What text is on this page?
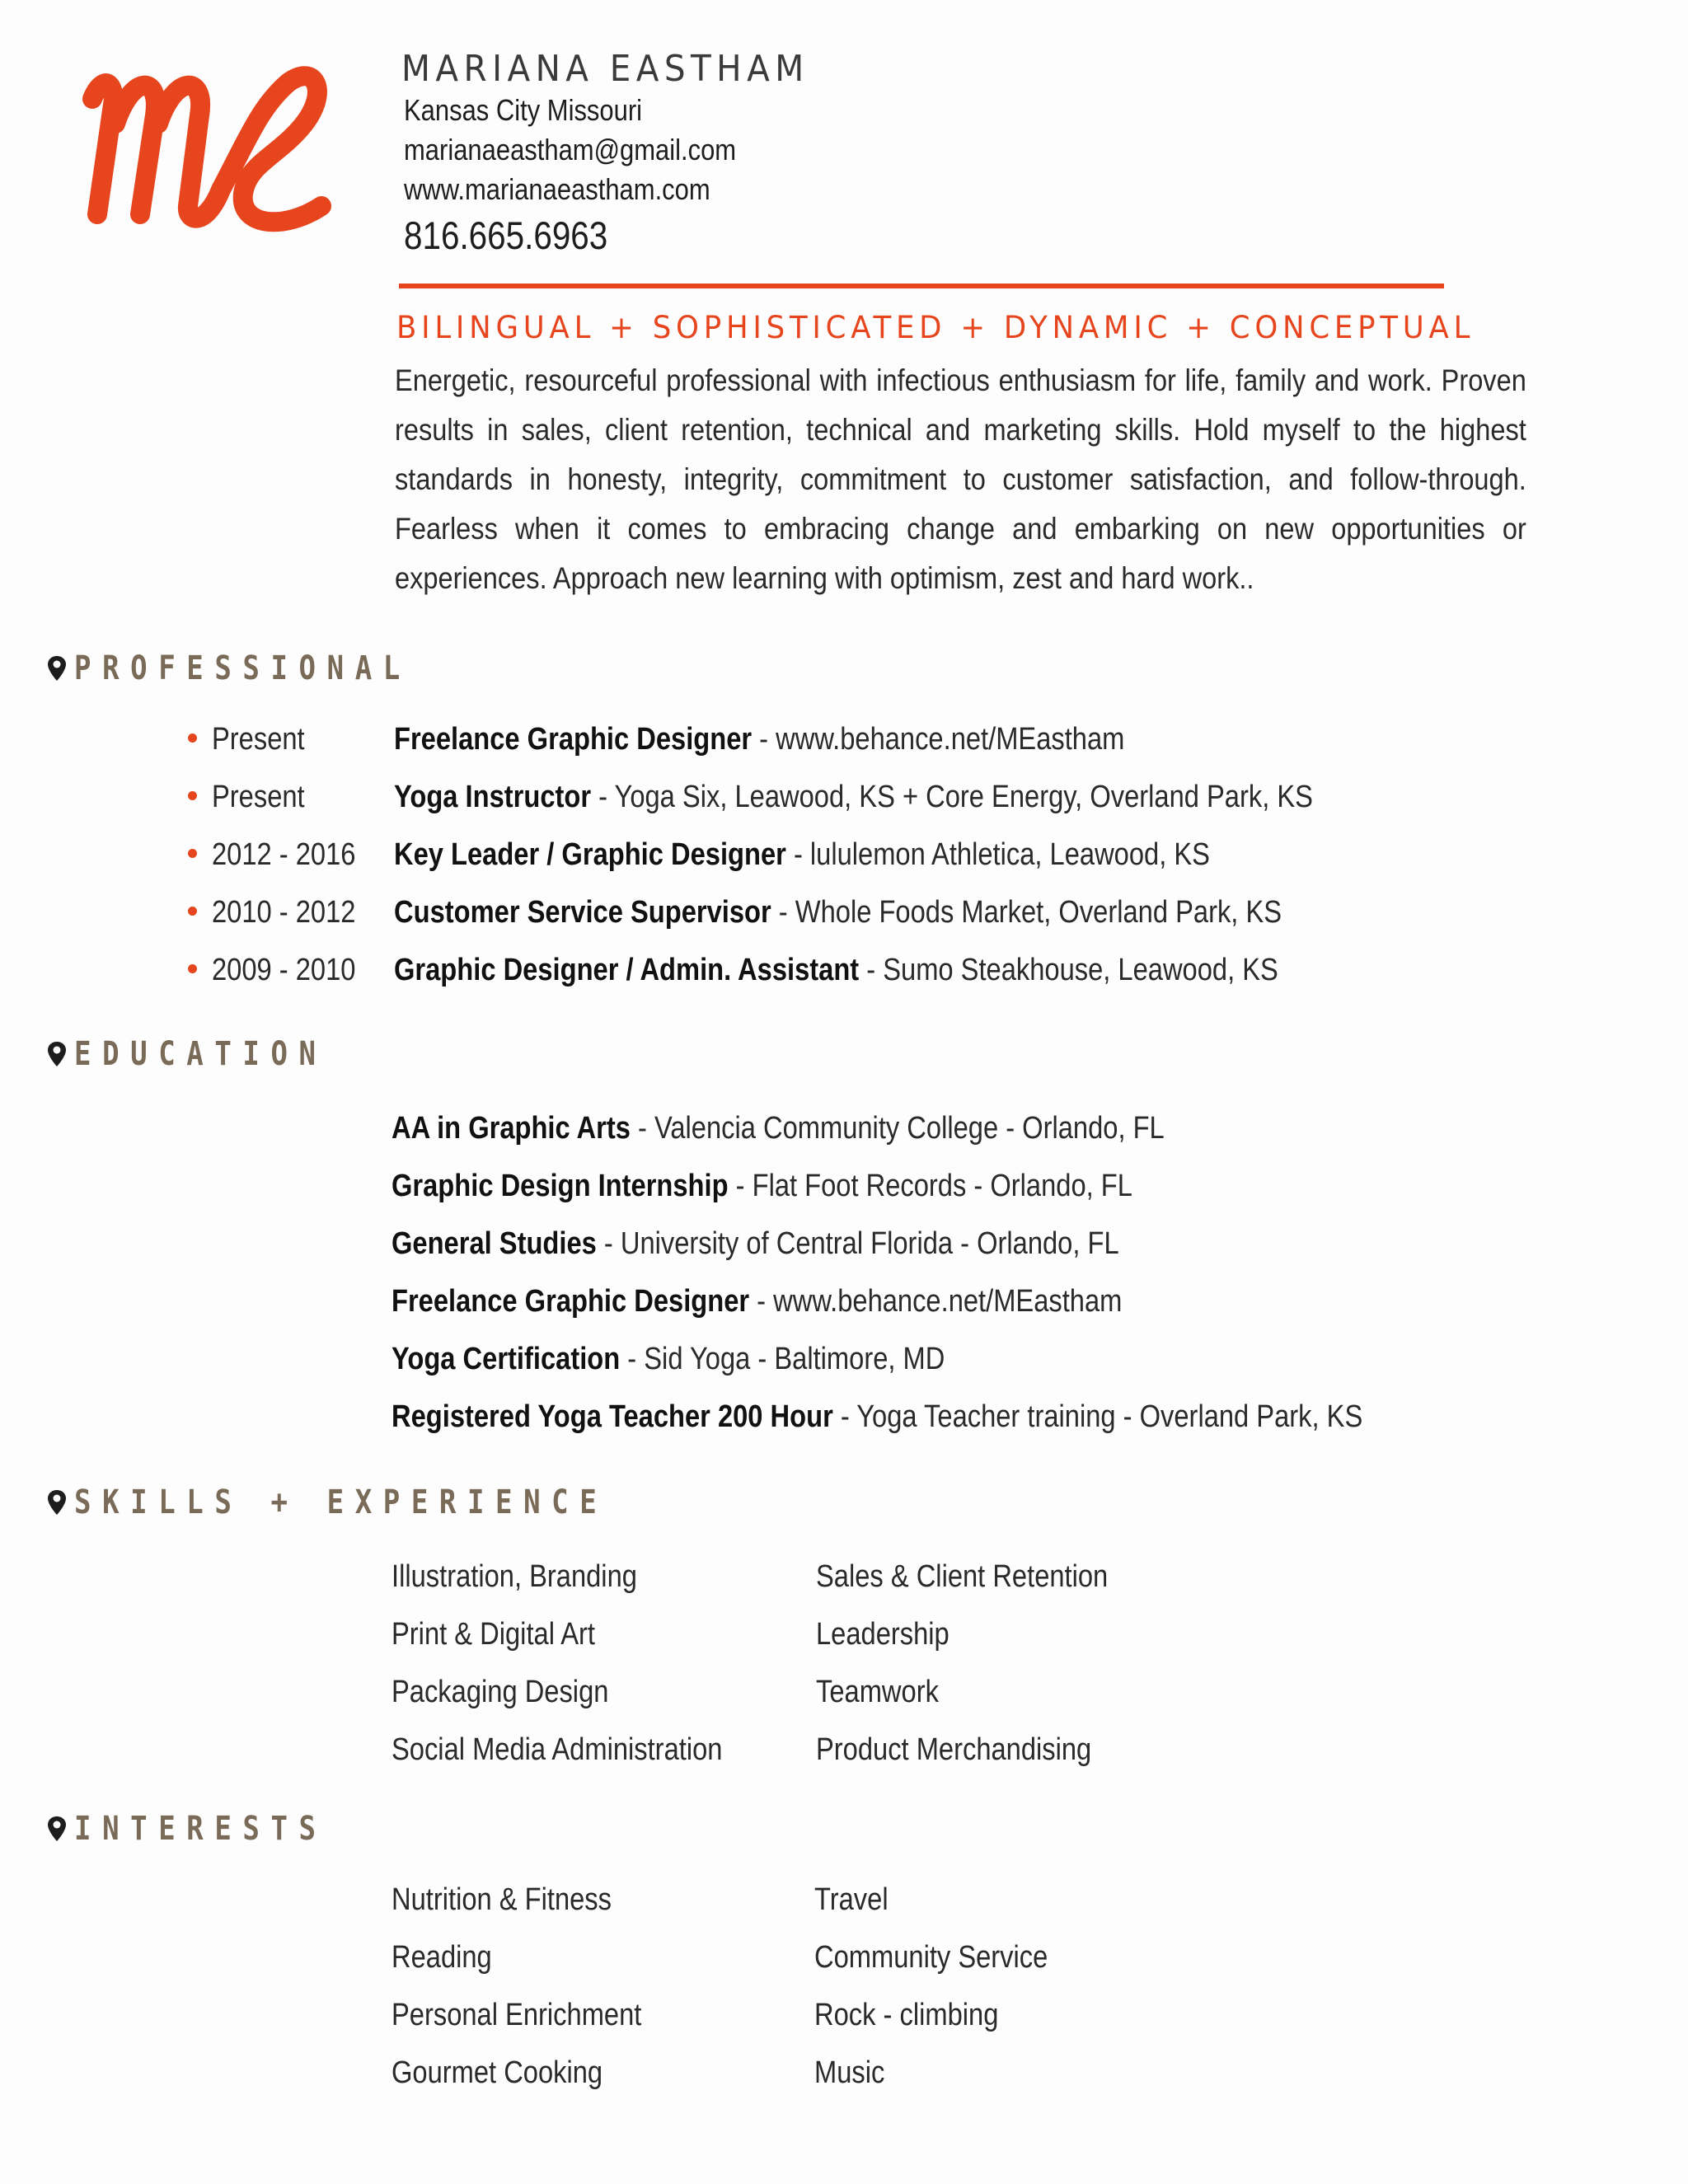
MARIANA EASTHAM
Kansas City Missouri
marianaeastham@gmail.com
www.marianaeastham.com
816.665.6963
BILINGUAL + SOPHISTICATED + DYNAMIC + CONCEPTUAL
Energetic, resourceful professional with infectious enthusiasm for life, family and work. Proven results in sales, client retention, technical and marketing skills. Hold myself to the highest standards in honesty, integrity, commitment to customer satisfaction, and follow-through. Fearless when it comes to embracing change and embarking on new opportunities or experiences. Approach new learning with optimism, zest and hard work..
PROFESSIONAL
Present	Freelance Graphic Designer - www.behance.net/MEastham
Present	Yoga Instructor - Yoga Six, Leawood, KS + Core Energy, Overland Park, KS
2012 - 2016 Key Leader / Graphic Designer - lululemon Athletica, Leawood, KS
2010 - 2012 Customer Service Supervisor - Whole Foods Market, Overland Park, KS
2009 - 2010 Graphic Designer / Admin. Assistant - Sumo Steakhouse, Leawood, KS
EDUCATION
AA in Graphic Arts - Valencia Community College - Orlando, FL
Graphic Design Internship - Flat Foot Records - Orlando, FL
General Studies - University of Central Florida - Orlando, FL
Freelance Graphic Designer - www.behance.net/MEastham
Yoga Certification - Sid Yoga - Baltimore, MD
Registered Yoga Teacher 200 Hour - Yoga Teacher training - Overland Park, KS
SKILLS + EXPERIENCE
Illustration, Branding
Print & Digital Art
Packaging Design
Social Media Administration
Sales & Client Retention
Leadership
Teamwork
Product Merchandising
INTERESTS
Nutrition & Fitness
Reading
Personal Enrichment
Gourmet Cooking
Travel
Community Service
Rock - climbing
Music
